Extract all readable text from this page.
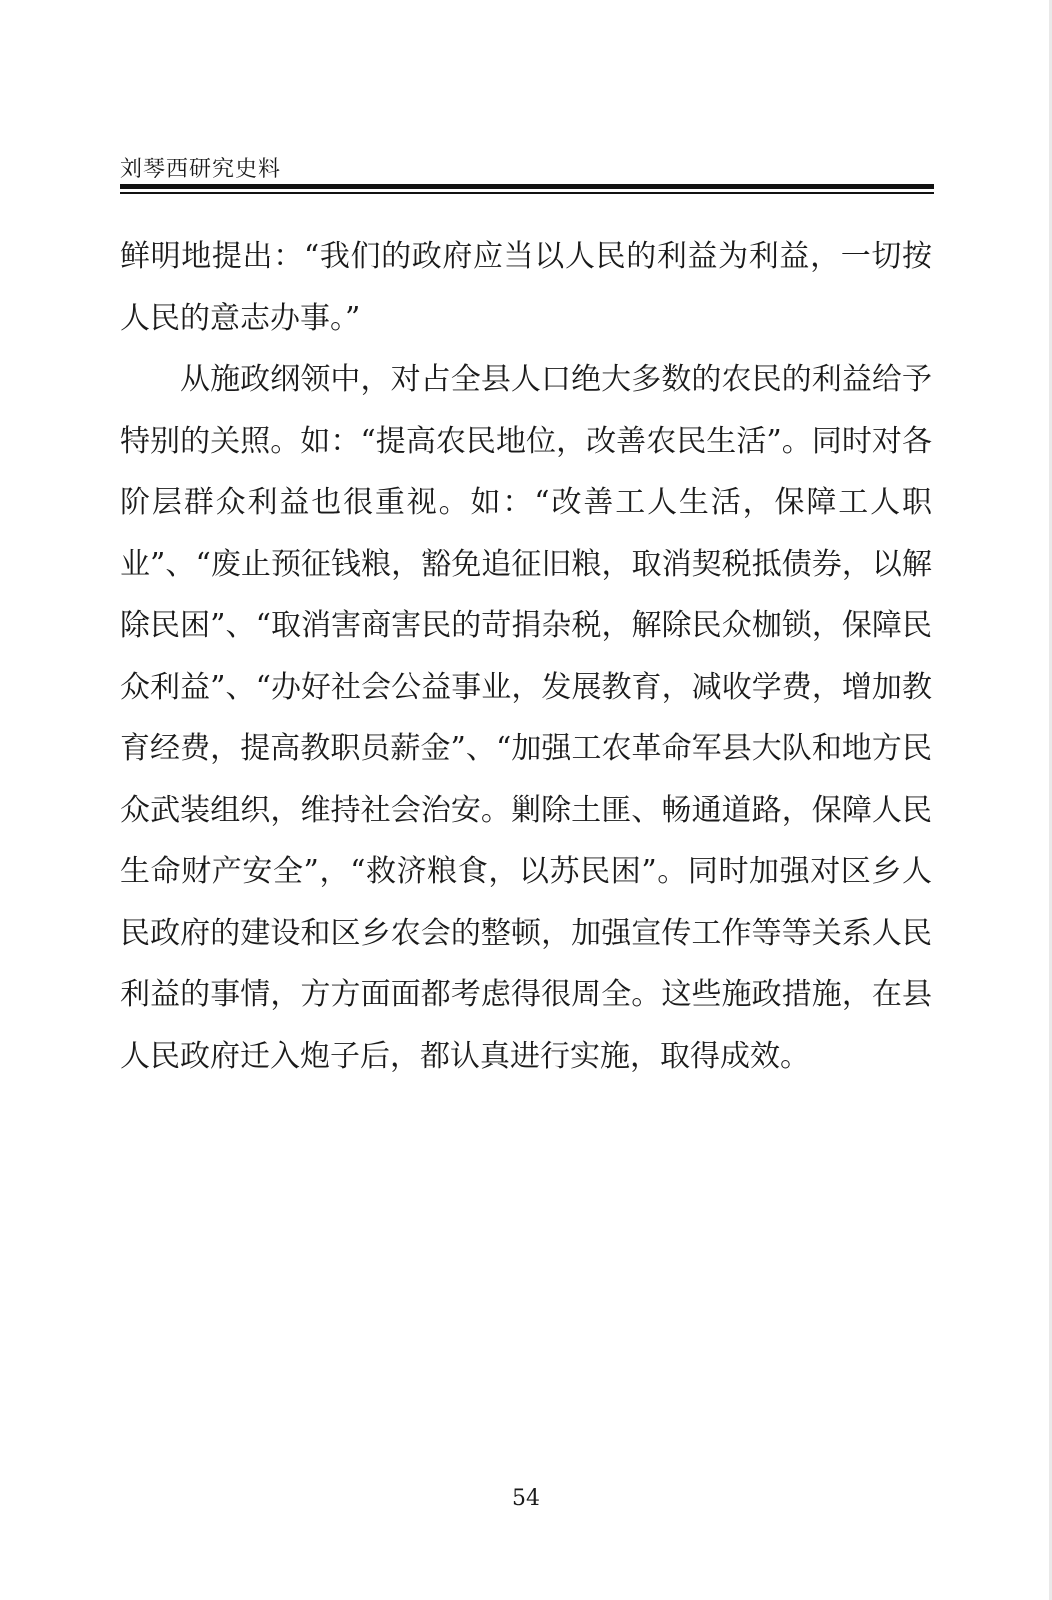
刘琴西研究史料

鲜明地提出：“我们的政府应当以人民的利益为利益，一切按人民的意志办事。”

从施政纲领中，对占全县人口绝大多数的农民的利益给予特别的关照。如：“提高农民地位，改善农民生活”。同时对各阶层群众利益也很重视。如：“改善工人生活，保障工人职业”、“废止预征钱粮，豁免追征旧粮，取消契税抵债券，以解除民困”、“取消害商害民的苛捐杂税，解除民众枷锁，保障民众利益”、“办好社会公益事业，发展教育，减收学费，增加教育经费，提高教职员薪金”、“加强工农革命军县大队和地方民众武装组织，维持社会治安。剿除土匪、畅通道路，保障人民生命财产安全”，“救济粮食，以苏民困”。同时加强对区乡人民政府的建设和区乡农会的整顿，加强宣传工作等等关系人民利益的事情，方方面面都考虑得很周全。这些施政措施，在县人民政府迁入炮子后，都认真进行实施，取得成效。

54
